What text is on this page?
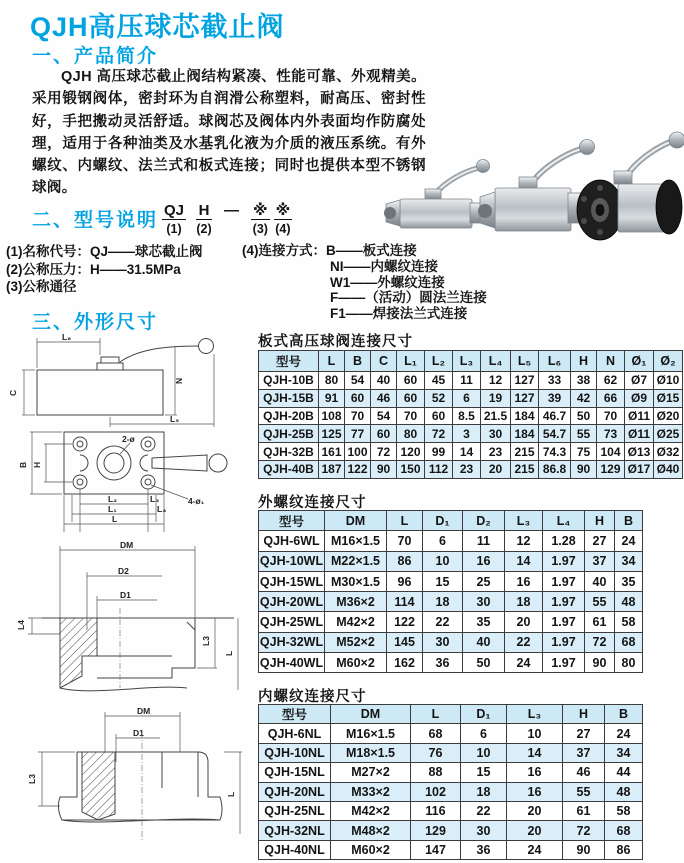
QJH高压球芯截止阀
一、产品简介
QJH 高压球芯截止阀结构紧凑、性能可靠、外观精美。采用锻钢阀体，密封环为自润滑公称塑料，耐高压、密封性好，手把搬动灵活舒适。球阀芯及阀体内外表面均作防腐处理，适用于各种油类及水基乳化液为介质的液压系统。有外螺纹、内螺纹、法兰式和板式连接；同时也提供本型不锈钢球阀。
二、型号说明 QJ
(1)
H
(2)
— ※
(3)
※
(4)
(1)名称代号：QJ——球芯截止阀
(2)公称压力：H——31.5MPa
(3)公称通径
(4)连接方式：B——板式连接
NI——内螺纹连接
W1——外螺纹连接
F——（活动）圆法兰连接
F1——焊接法兰式连接
三、外形尺寸
L₆
C
N
L₅
B H
2-ø
4-ø₁
L₂	L₃
L₁	L₄
L
DM
D2
D1
L4
L3
L
DM
D1
L3
L
板式高压球阀连接尺寸
型号	L	B	C	L₁	L₂	L₃	L₄	L₅	L₆	H	N	Ø₁	Ø₂
QJH-10B	80	54	40	60	45	11	12	127	33	38	62	Ø7	Ø10
QJH-15B	91	60	46	60	52	6	19	127	39	42	66	Ø9	Ø15
QJH-20B	108	70	54	70	60	8.5	21.5	184	46.7	50	70	Ø11	Ø20
QJH-25B	125	77	60	80	72	3	30	184	54.7	55	73	Ø11	Ø25
QJH-32B	161	100	72	120	99	14	23	215	74.3	75	104	Ø13	Ø32
QJH-40B	187	122	90	150	112	23	20	215	86.8	90	129	Ø17	Ø40
外螺纹连接尺寸
型号	DM	L	D₁	D₂	L₃	L₄	H	B
QJH-6WL	M16×1.5	70	6	11	12	1.28	27	24
QJH-10WL	M22×1.5	86	10	16	14	1.97	37	34
QJH-15WL	M30×1.5	96	15	25	16	1.97	40	35
QJH-20WL	M36×2	114	18	30	18	1.97	55	48
QJH-25WL	M42×2	122	22	35	20	1.97	61	58
QJH-32WL	M52×2	145	30	40	22	1.97	72	68
QJH-40WL	M60×2	162	36	50	24	1.97	90	80
内螺纹连接尺寸
型号	DM	L	D₁	L₃	H	B
QJH-6NL	M16×1.5	68	6	10	27	24
QJH-10NL	M18×1.5	76	10	14	37	34
QJH-15NL	M27×2	88	15	16	46	44
QJH-20NL	M33×2	102	18	16	55	48
QJH-25NL	M42×2	116	22	20	61	58
QJH-32NL	M48×2	129	30	20	72	68
QJH-40NL	M60×2	147	36	24	90	86
